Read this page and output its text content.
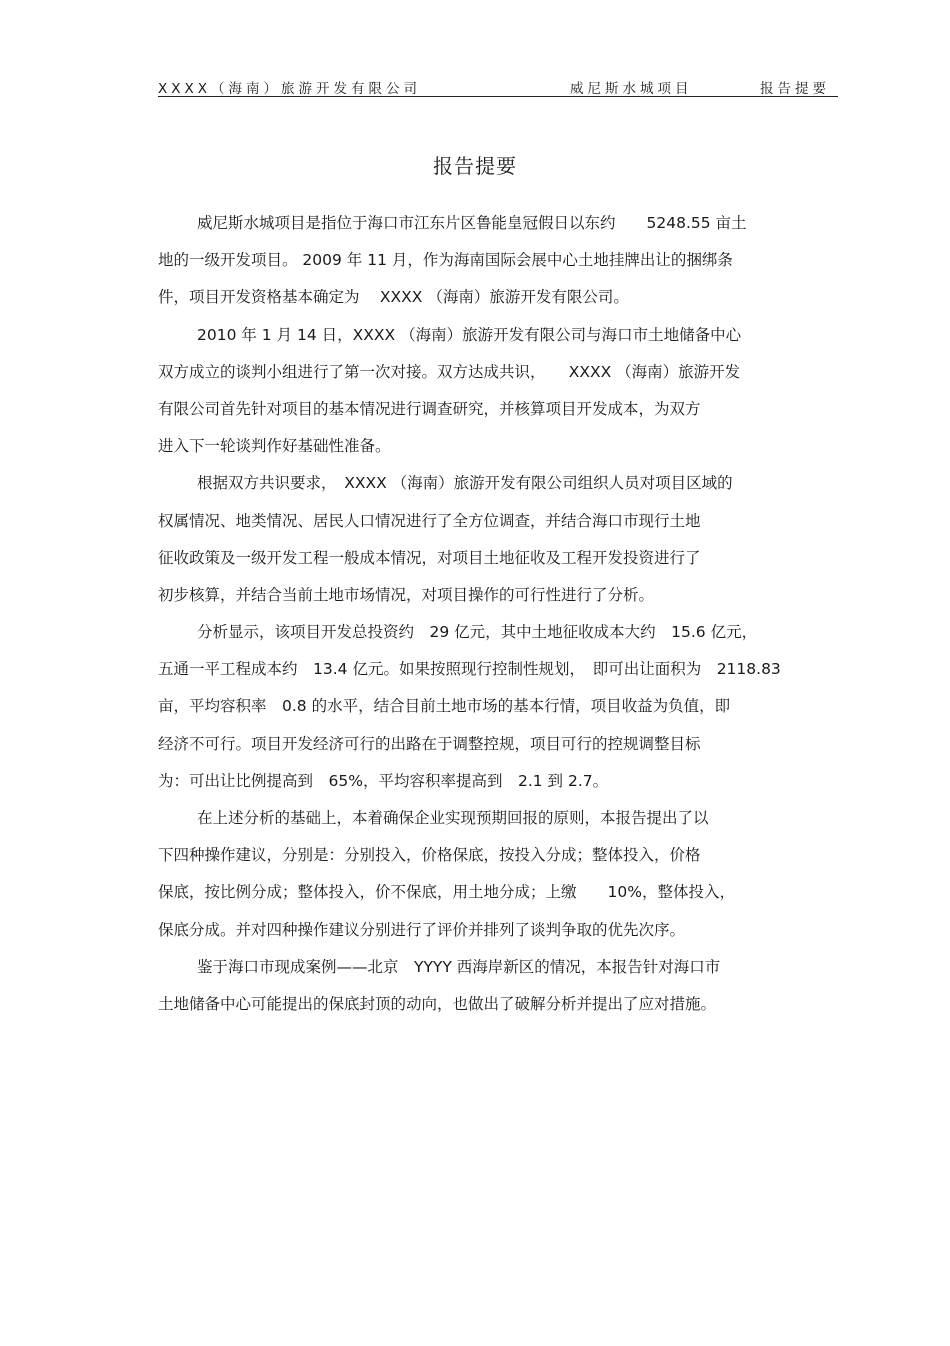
XXXX（海南）旅游开发有限公司	威尼斯水城项目	报告提要
报告提要
威尼斯水城项目是指位于海口市江东片区鲁能皇冠假日以东约　　5248.55 亩土
地的一级开发项目。 2009 年 11 月，作为海南国际会展中心土地挂牌出让的捆绑条
件，项目开发资格基本确定为　 XXXX （海南）旅游开发有限公司。
2010 年 1 月 14 日，XXXX （海南）旅游开发有限公司与海口市土地储备中心
双方成立的谈判小组进行了第一次对接。双方达成共识，　　XXXX （海南）旅游开发
有限公司首先针对项目的基本情况进行调查研究，并核算项目开发成本，为双方
进入下一轮谈判作好基础性准备。
根据双方共识要求，　XXXX （海南）旅游开发有限公司组织人员对项目区域的
权属情况、地类情况、居民人口情况进行了全方位调查，并结合海口市现行土地
征收政策及一级开发工程一般成本情况，对项目土地征收及工程开发投资进行了
初步核算，并结合当前土地市场情况，对项目操作的可行性进行了分析。
分析显示，该项目开发总投资约　29 亿元，其中土地征收成本大约　15.6 亿元，
五通一平工程成本约　13.4 亿元。如果按照现行控制性规划，　即可出让面积为　2118.83
亩，平均容积率　0.8 的水平，结合目前土地市场的基本行情，项目收益为负值，即
经济不可行。项目开发经济可行的出路在于调整控规，项目可行的控规调整目标
为：可出让比例提高到　65%，平均容积率提高到　2.1 到 2.7。
在上述分析的基础上，本着确保企业实现预期回报的原则，本报告提出了以
下四种操作建议，分别是：分别投入，价格保底，按投入分成；整体投入，价格
保底，按比例分成；整体投入，价不保底，用土地分成；上缴　　10%，整体投入，
保底分成。并对四种操作建议分别进行了评价并排列了谈判争取的优先次序。
鉴于海口市现成案例——北京　YYYY 西海岸新区的情况，本报告针对海口市
土地储备中心可能提出的保底封顶的动向，也做出了破解分析并提出了应对措施。
